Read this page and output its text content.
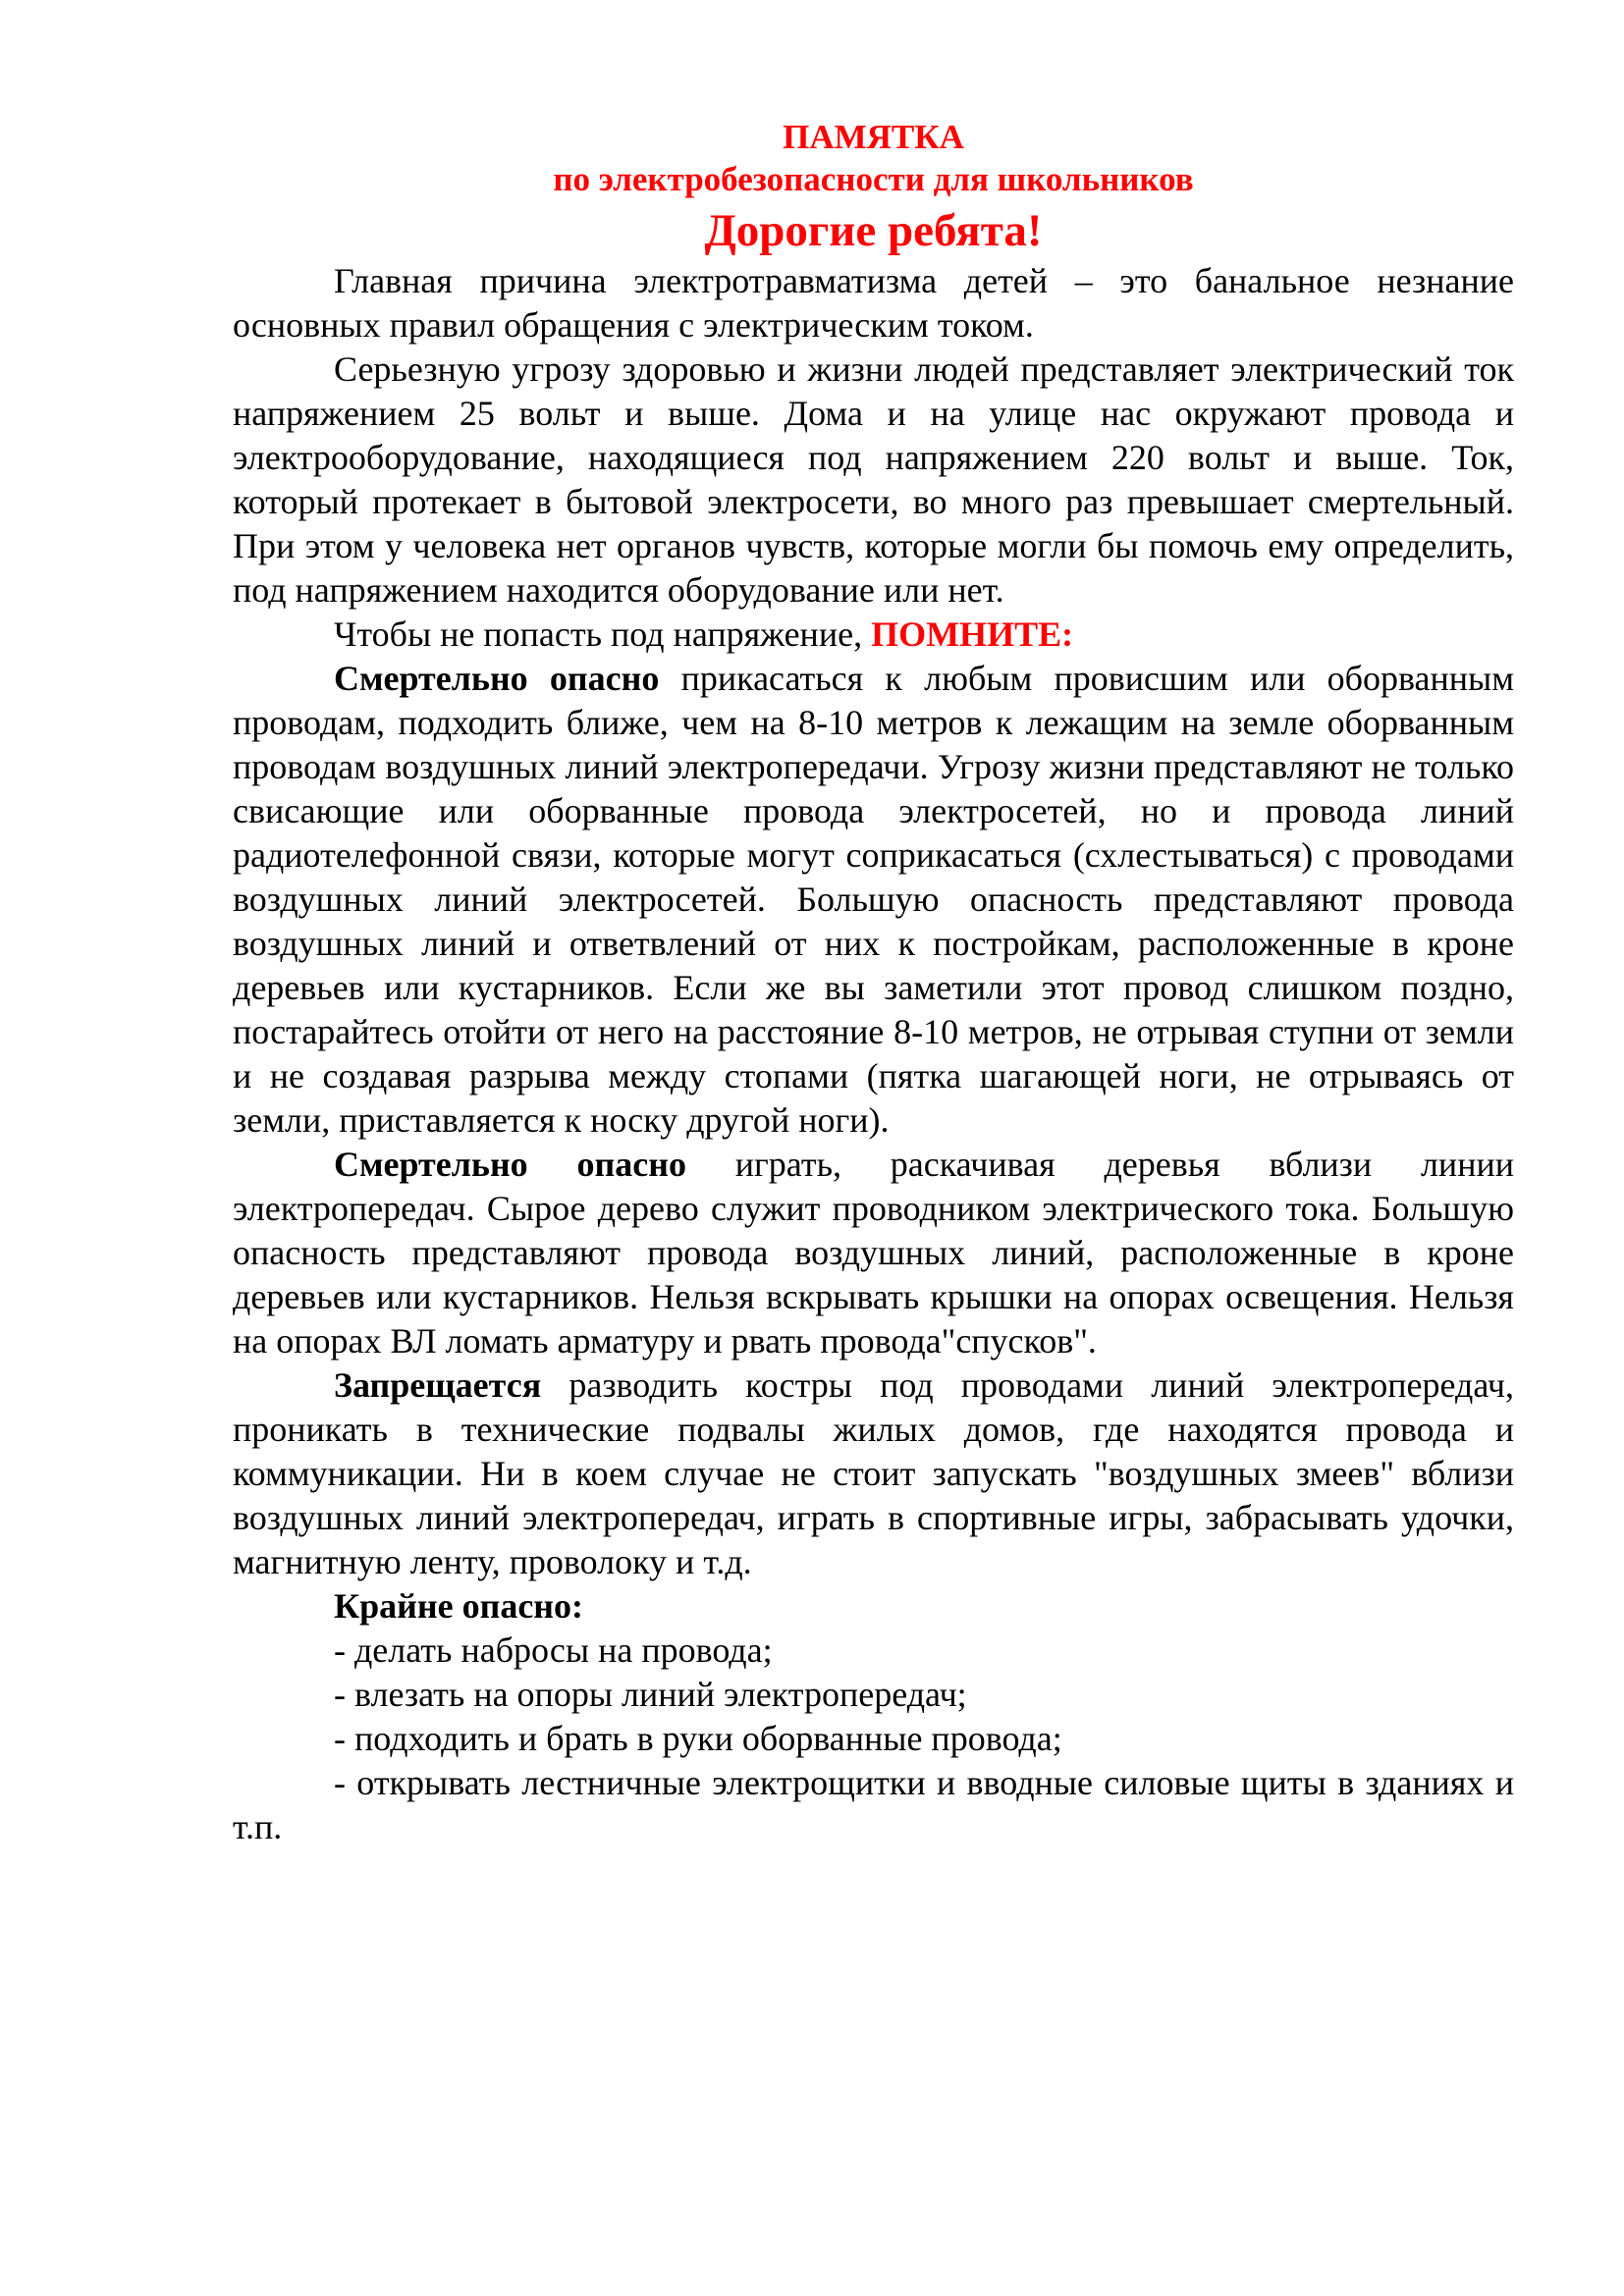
ПАМЯТКА

по электробезопасности для школьников

Дорогие ребята!

Главная причина электротравматизма детей – это банальное незнание основных правил обращения с электрическим током.

Серьезную угрозу здоровью и жизни людей представляет электрический ток напряжением 25 вольт и выше. Дома и на улице нас окружают провода и электрооборудование, находящиеся под напряжением 220 вольт и выше. Ток, который протекает в бытовой электросети, во много раз превышает смертельный. При этом у человека нет органов чувств, которые могли бы помочь ему определить, под напряжением находится оборудование или нет.

Чтобы не попасть под напряжение, ПОМНИТЕ:

Смертельно опасно прикасаться к любым провисшим или оборванным проводам, подходить ближе, чем на 8-10 метров к лежащим на земле оборванным проводам воздушных линий электропередачи. Угрозу жизни представляют не только свисающие или оборванные провода электросетей, но и провода линий радиотелефонной связи, которые могут соприкасаться (схлестываться) с проводами воздушных линий электросетей. Большую опасность представляют провода воздушных линий и ответвлений от них к постройкам, расположенные в кроне деревьев или кустарников. Если же вы заметили этот провод слишком поздно, постарайтесь отойти от него на расстояние 8-10 метров, не отрывая ступни от земли и не создавая разрыва между стопами (пятка шагающей ноги, не отрываясь от земли, приставляется к носку другой ноги).

Смертельно опасно играть, раскачивая деревья вблизи линии электропередач. Сырое дерево служит проводником электрического тока. Большую опасность представляют провода воздушных линий, расположенные в кроне деревьев или кустарников. Нельзя вскрывать крышки на опорах освещения. Нельзя на опорах ВЛ ломать арматуру и рвать провода"спусков".

Запрещается разводить костры под проводами линий электропередач, проникать в технические подвалы жилых домов, где находятся провода и коммуникации. Ни в коем случае не стоит запускать "воздушных змеев" вблизи воздушных линий электропередач, играть в спортивные игры, забрасывать удочки, магнитную ленту, проволоку и т.д.

Крайне опасно:

- делать набросы на провода;

- влезать на опоры линий электропередач;

- подходить и брать в руки оборванные провода;

- открывать лестничные электрощитки и вводные силовые щиты в зданиях и т.п.
